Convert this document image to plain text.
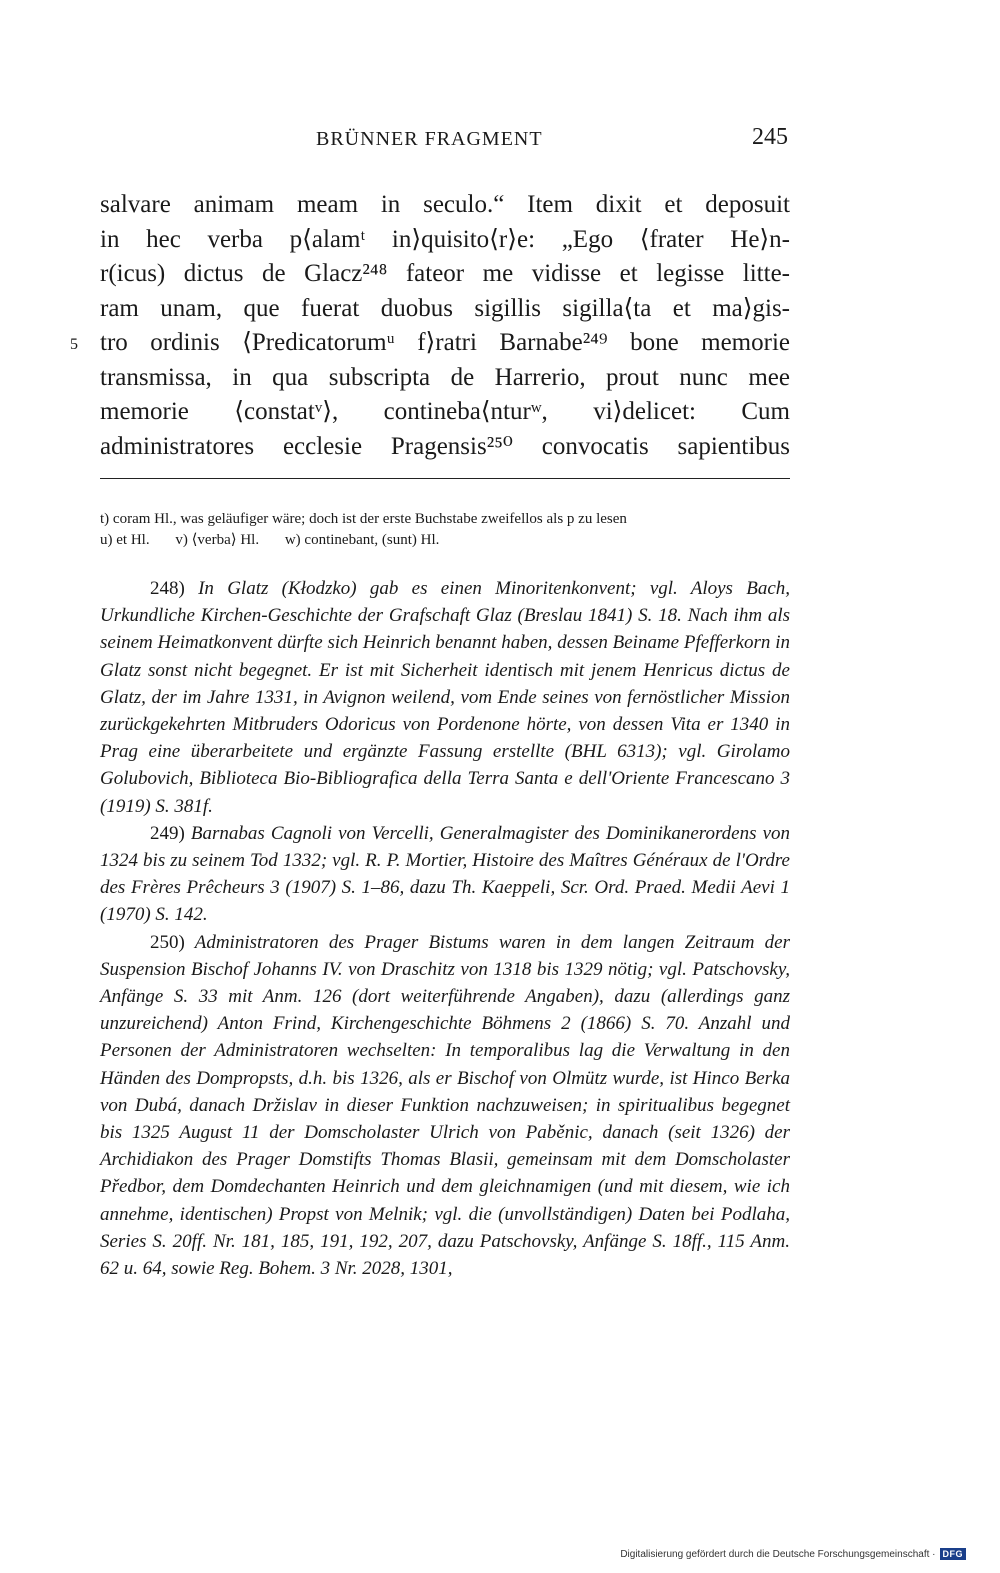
BRÜNNER FRAGMENT	245
salvare animam meam in seculo.“ Item dixit et deposuit
in hec verba p⟨alamᵗ in⟩quisito⟨r⟩e: „Ego ⟨frater He⟩n-
r(icus) dictus de Glacz²⁴⁸ fateor me vidisse et legisse litte-
ram unam, que fuerat duobus sigillis sigilla⟨ta et ma⟩gis-
5 tro ordinis ⟨Predicatorumᵘ f⟩ratri Barnabe²⁴⁹ bone memorie
transmissa, in qua subscripta de Harrerio, prout nunc mee
memorie ⟨constatᵛ⟩, contineba⟨nturʷ, vi⟩delicet: Cum
administratores ecclesie Pragensis²⁵⁰ convocatis sapientibus
t) coram Hl., was geläufiger wäre; doch ist der erste Buchstabe zweifellos als p zu lesen
u) et Hl. v) ⟨verba⟩ Hl. w) continebant, (sunt) Hl.

248) In Glatz (Kłodzko) gab es einen Minoritenkonvent; vgl. Aloys Bach, Urkundliche Kirchen-Geschichte der Grafschaft Glaz (Breslau 1841) S. 18. Nach ihm als seinem Heimatkonvent dürfte sich Heinrich benannt haben, dessen Beiname Pfefferkorn in Glatz sonst nicht begegnet. Er ist mit Sicherheit identisch mit jenem Henricus dictus de Glatz, der im Jahre 1331, in Avignon weilend, vom Ende seines von fernöstlicher Mission zurückgekehrten Mitbruders Odoricus von Pordenone hörte, von dessen Vita er 1340 in Prag eine überarbeitete und ergänzte Fassung erstellte (BHL 6313); vgl. Girolamo Golubovich, Biblioteca Bio-Bibliografica della Terra Santa e dell'Oriente Francescano 3 (1919) S. 381f.

249) Barnabas Cagnoli von Vercelli, Generalmagister des Dominikanerordens von 1324 bis zu seinem Tod 1332; vgl. R. P. Mortier, Histoire des Maîtres Généraux de l'Ordre des Frères Prêcheurs 3 (1907) S. 1–86, dazu Th. Kaeppeli, Scr. Ord. Praed. Medii Aevi 1 (1970) S. 142.

250) Administratoren des Prager Bistums waren in dem langen Zeitraum der Suspension Bischof Johanns IV. von Draschitz von 1318 bis 1329 nötig; vgl. Patschovsky, Anfänge S. 33 mit Anm. 126 (dort weiterführende Angaben), dazu (allerdings ganz unzureichend) Anton Frind, Kirchengeschichte Böhmens 2 (1866) S. 70. Anzahl und Personen der Administratoren wechselten: In temporalibus lag die Verwaltung in den Händen des Dompropsts, d.h. bis 1326, als er Bischof von Olmütz wurde, ist Hinco Berka von Dubá, danach Držislav in dieser Funktion nachzuweisen; in spiritualibus begegnet bis 1325 August 11 der Domscholaster Ulrich von Paběnic, danach (seit 1326) der Archidiakon des Prager Domstifts Thomas Blasii, gemeinsam mit dem Domscholaster Předbor, dem Domdechanten Heinrich und dem gleichnamigen (und mit diesem, wie ich annehme, identischen) Propst von Melnik; vgl. die (unvollständigen) Daten bei Podlaha, Series S. 20ff. Nr. 181, 185, 191, 192, 207, dazu Patschovsky, Anfänge S. 18ff., 115 Anm. 62 u. 64, sowie Reg. Bohem. 3 Nr. 2028, 1301,

Digitalisierung gefördert durch die Deutsche Forschungsgemeinschaft · DFG
